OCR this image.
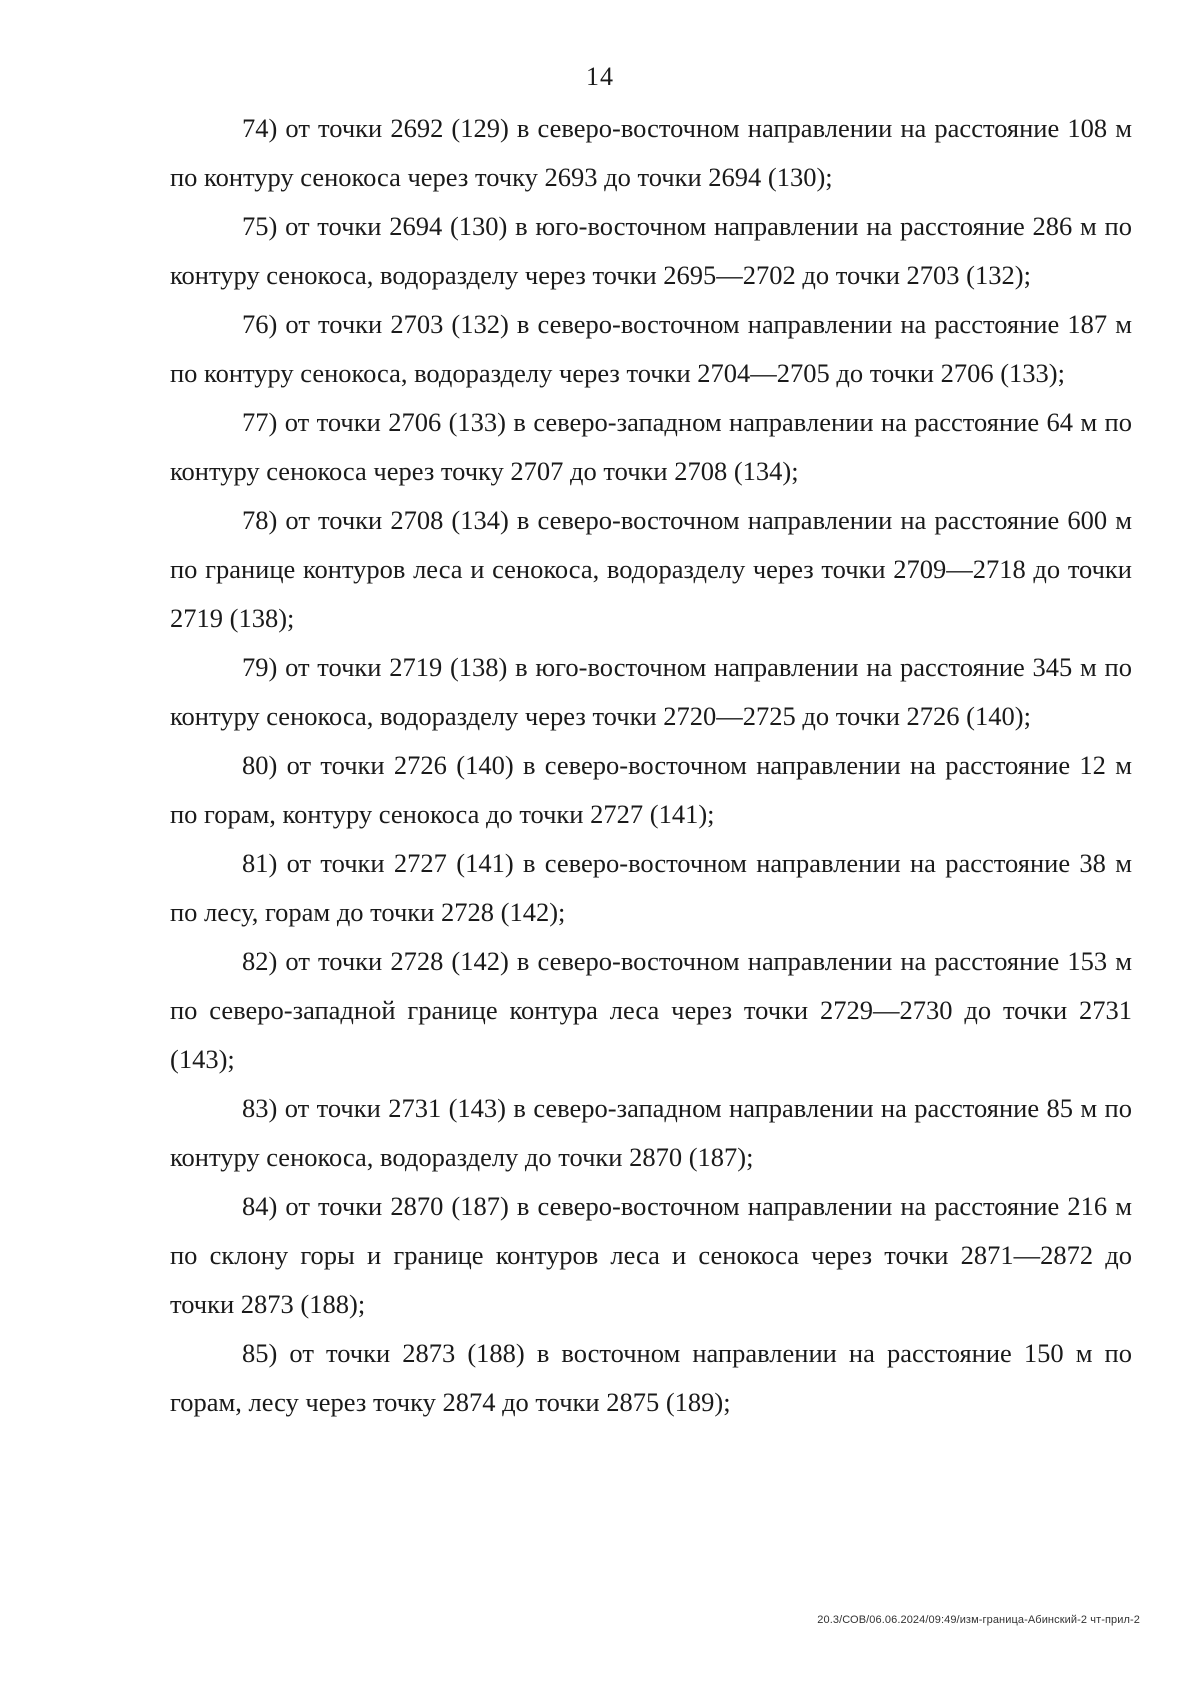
14

74) от точки 2692 (129) в северо-восточном направлении на расстояние 108 м по контуру сенокоса через точку 2693 до точки 2694 (130);

75) от точки 2694 (130) в юго-восточном направлении на расстояние 286 м по контуру сенокоса, водоразделу через точки 2695—2702 до точки 2703 (132);

76) от точки 2703 (132) в северо-восточном направлении на расстояние 187 м по контуру сенокоса, водоразделу через точки 2704—2705 до точки 2706 (133);

77) от точки 2706 (133) в северо-западном направлении на расстояние 64 м по контуру сенокоса через точку 2707 до точки 2708 (134);

78) от точки 2708 (134) в северо-восточном направлении на расстояние 600 м по границе контуров леса и сенокоса, водоразделу через точки 2709—2718 до точки 2719 (138);

79) от точки 2719 (138) в юго-восточном направлении на расстояние 345 м по контуру сенокоса, водоразделу через точки 2720—2725 до точки 2726 (140);

80) от точки 2726 (140) в северо-восточном направлении на расстояние 12 м по горам, контуру сенокоса до точки 2727 (141);

81) от точки 2727 (141) в северо-восточном направлении на расстояние 38 м по лесу, горам до точки 2728 (142);

82) от точки 2728 (142) в северо-восточном направлении на расстояние 153 м по северо-западной границе контура леса через точки 2729—2730 до точки 2731 (143);

83) от точки 2731 (143) в северо-западном направлении на расстояние 85 м по контуру сенокоса, водоразделу до точки 2870 (187);

84) от точки 2870 (187) в северо-восточном направлении на расстояние 216 м по склону горы и границе контуров леса и сенокоса через точки 2871—2872 до точки 2873 (188);

85) от точки 2873 (188) в восточном направлении на расстояние 150 м по горам, лесу через точку 2874 до точки 2875 (189);

20.3/СОВ/06.06.2024/09:49/изм-граница-Абинский-2 чт-прил-2
